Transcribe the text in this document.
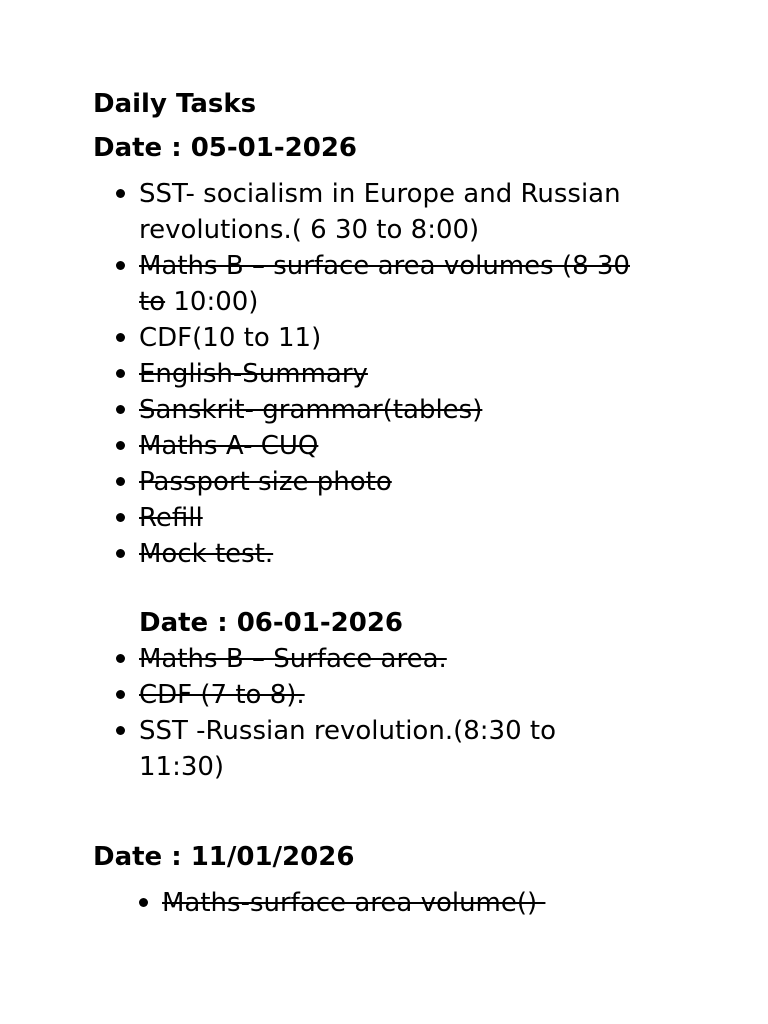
Daily Tasks
Date : 05-01-2026
SST- socialism in Europe and Russian revolutions.( 6 30 to 8:00)
Maths B – surface area volumes (8 30 to 10:00)
CDF(10 to 11)
English-Summary
Sanskrit- grammar(tables)
Maths A- CUQ
Passport size photo
Refill
Mock test.
Date : 06-01-2026
Maths B – Surface area.
CDF (7 to 8).
SST -Russian revolution.(8:30 to 11:30)
Date : 11/01/2026
Maths-surface area volume()
